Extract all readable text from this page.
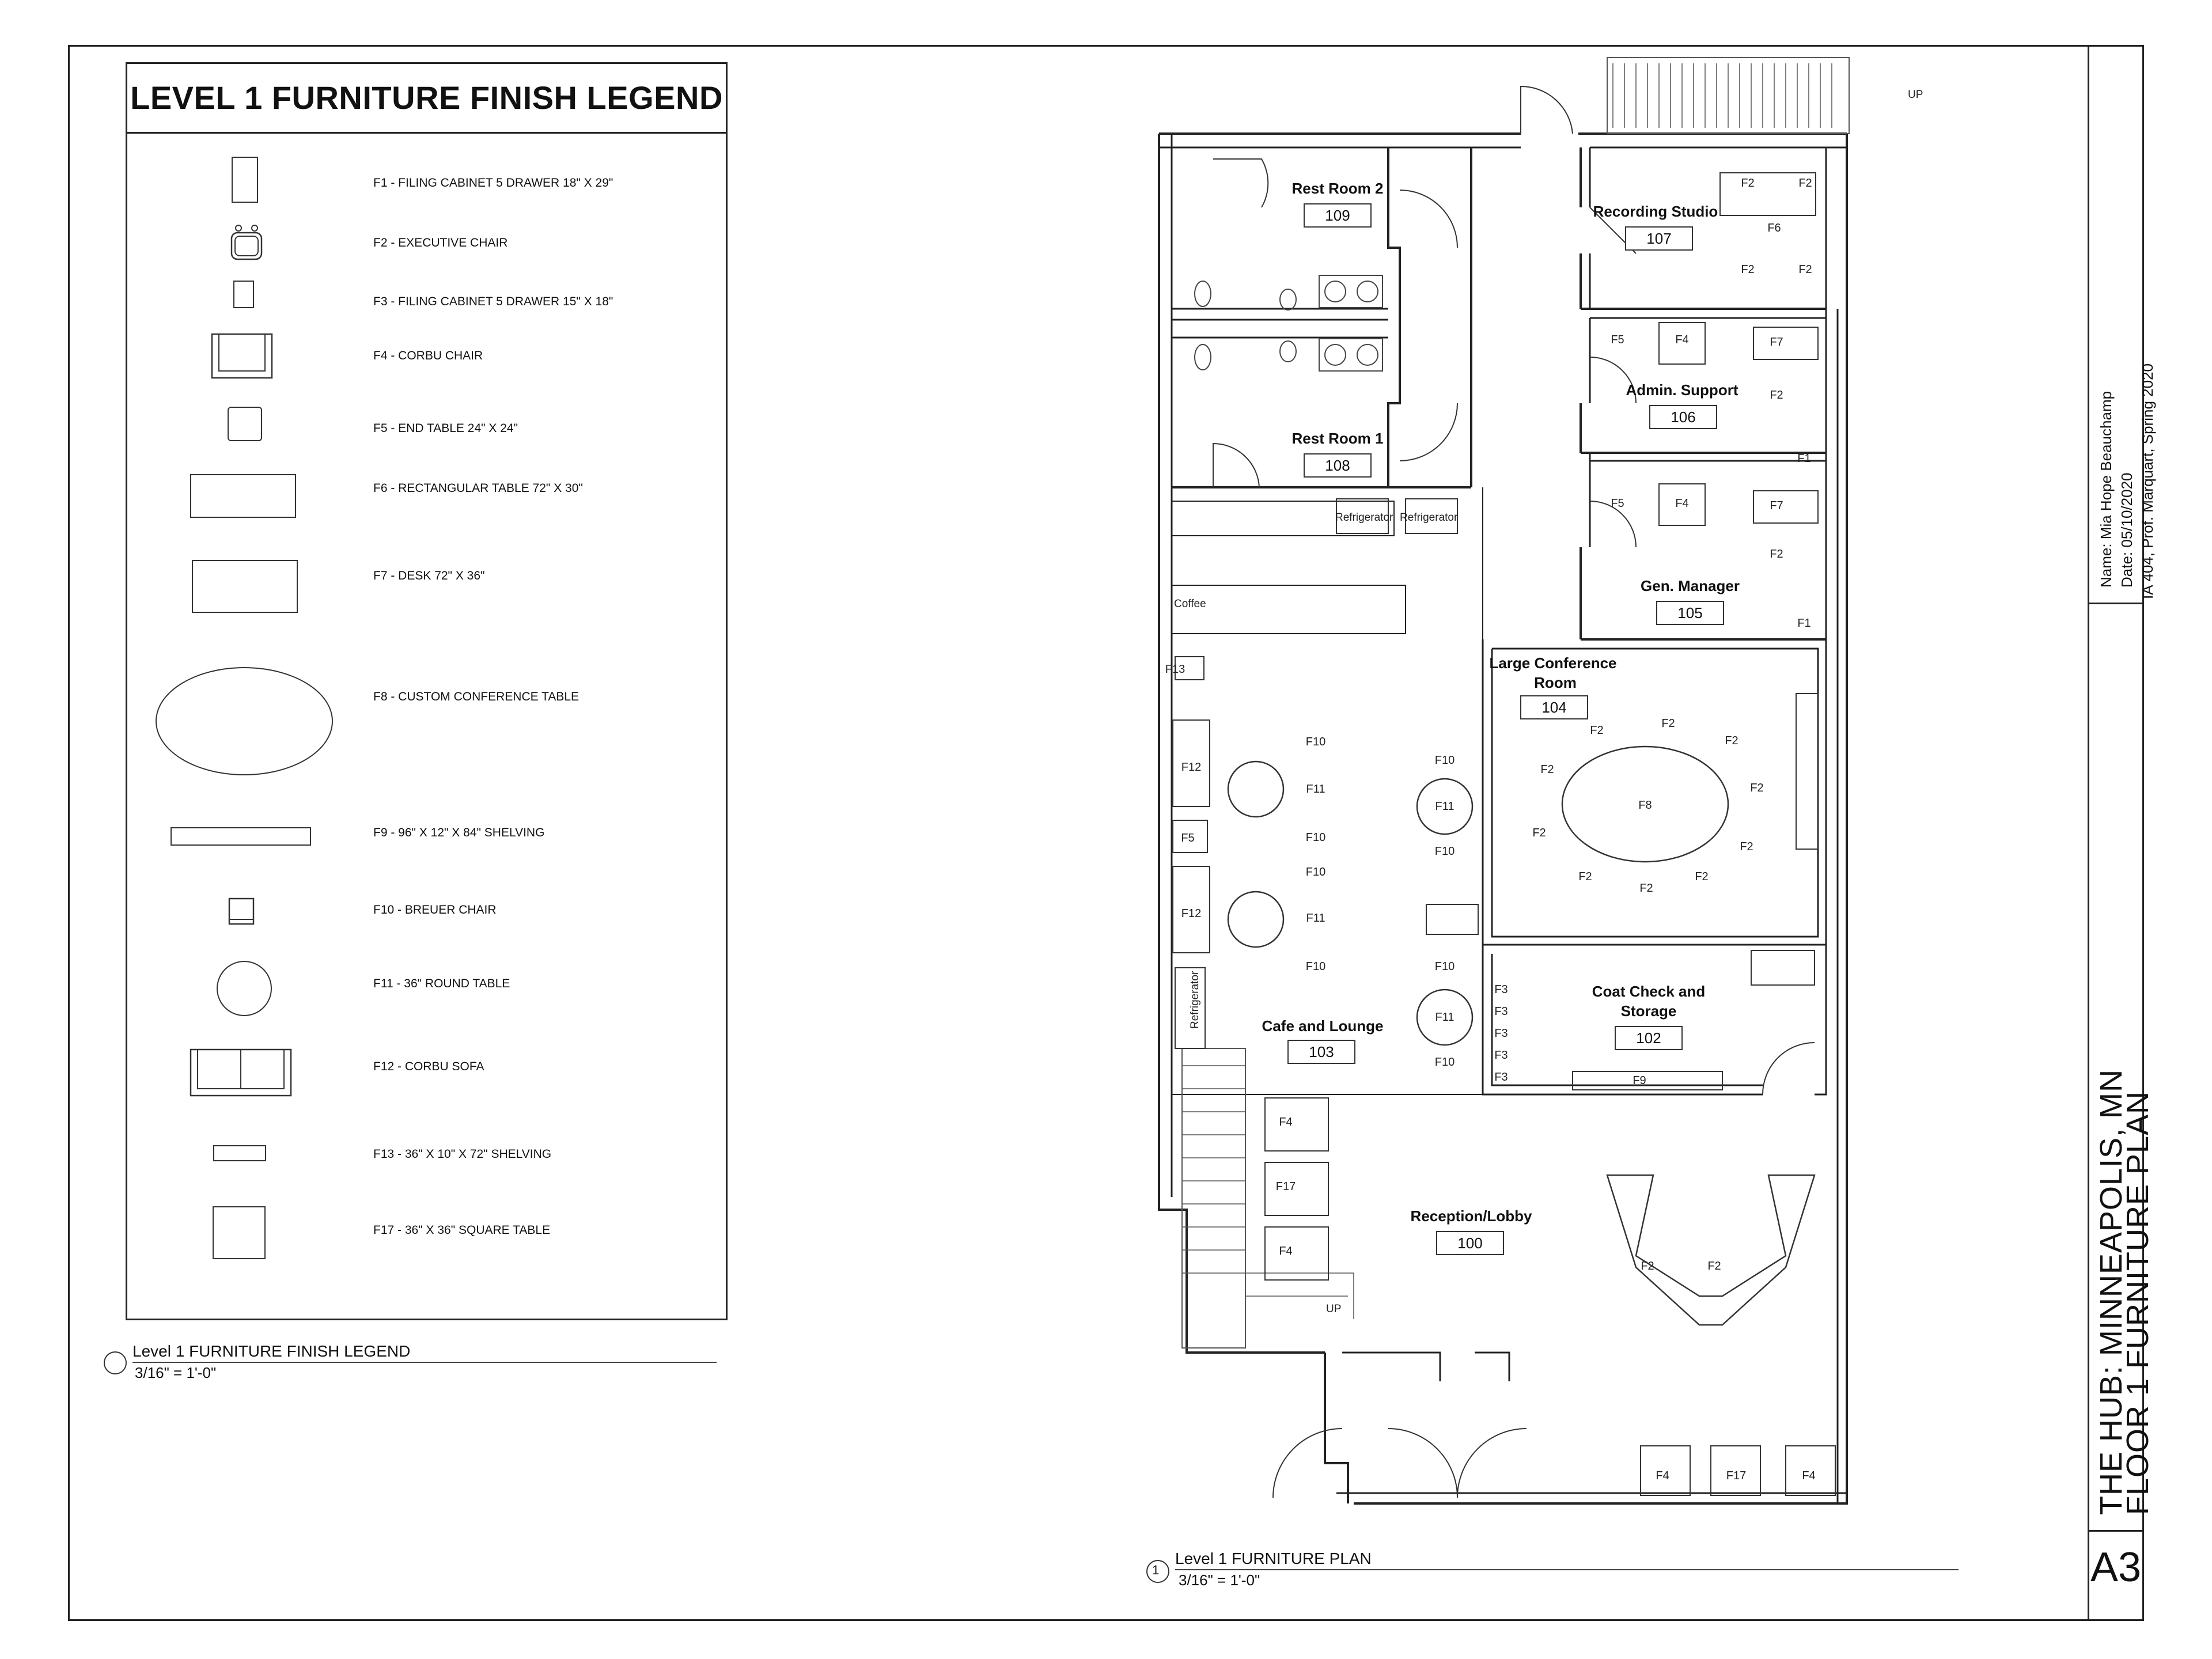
LEVEL 1 FURNITURE FINISH LEGEND
F1 - FILING CABINET 5 DRAWER 18" X 29"
F2 - EXECUTIVE CHAIR
F3 - FILING CABINET 5 DRAWER 15" X 18"
F4 - CORBU CHAIR
F5 - END TABLE 24" X 24"
F6 - RECTANGULAR TABLE 72" X 30"
F7 - DESK 72" X 36"
F8 - CUSTOM CONFERENCE TABLE
F9 - 96" X 12" X 84" SHELVING
F10 - BREUER CHAIR
F11 - 36" ROUND TABLE
F12 - CORBU SOFA
F13 - 36" X 10" X 72" SHELVING
F17 - 36" X 36" SQUARE TABLE
Level 1 FURNITURE FINISH LEGEND
3/16" = 1'-0"
Rest Room 2
Rest Room 1
Recording Studio
Admin. Support
Gen. Manager
Large Conference
Room
Cafe and Lounge
Coat Check and
Storage
Reception/Lobby
109
108
107
106
105
104
103
102
100
Refrigerator Refrigerator
Coffee
UP
UP
Refrigerator
F12
F12
F5
F13
F10
F11
F10
F10
F11
F10
F10
F11
F10
F10
F11
F10
F8
F2
F2
F2
F2
F2
F2
F2
F2
F2
F2
F2	F2
F6
F2	F2
F5	F4	F7
F2
F1
F5	F4	F7
F2
F1
F3
F3
F3
F3
F3	F9
F4
F17
F4
F2	F2
F4	F17	F4
1
Level 1 FURNITURE PLAN
3/16" = 1'-0"
Name: Mia Hope Beauchamp Date: 05/10/2020 IA 404, Prof. Marquart, Spring 2020
THE HUB: MINNEAPOLIS, MN
FLOOR 1 FURNITURE PLAN
A3
